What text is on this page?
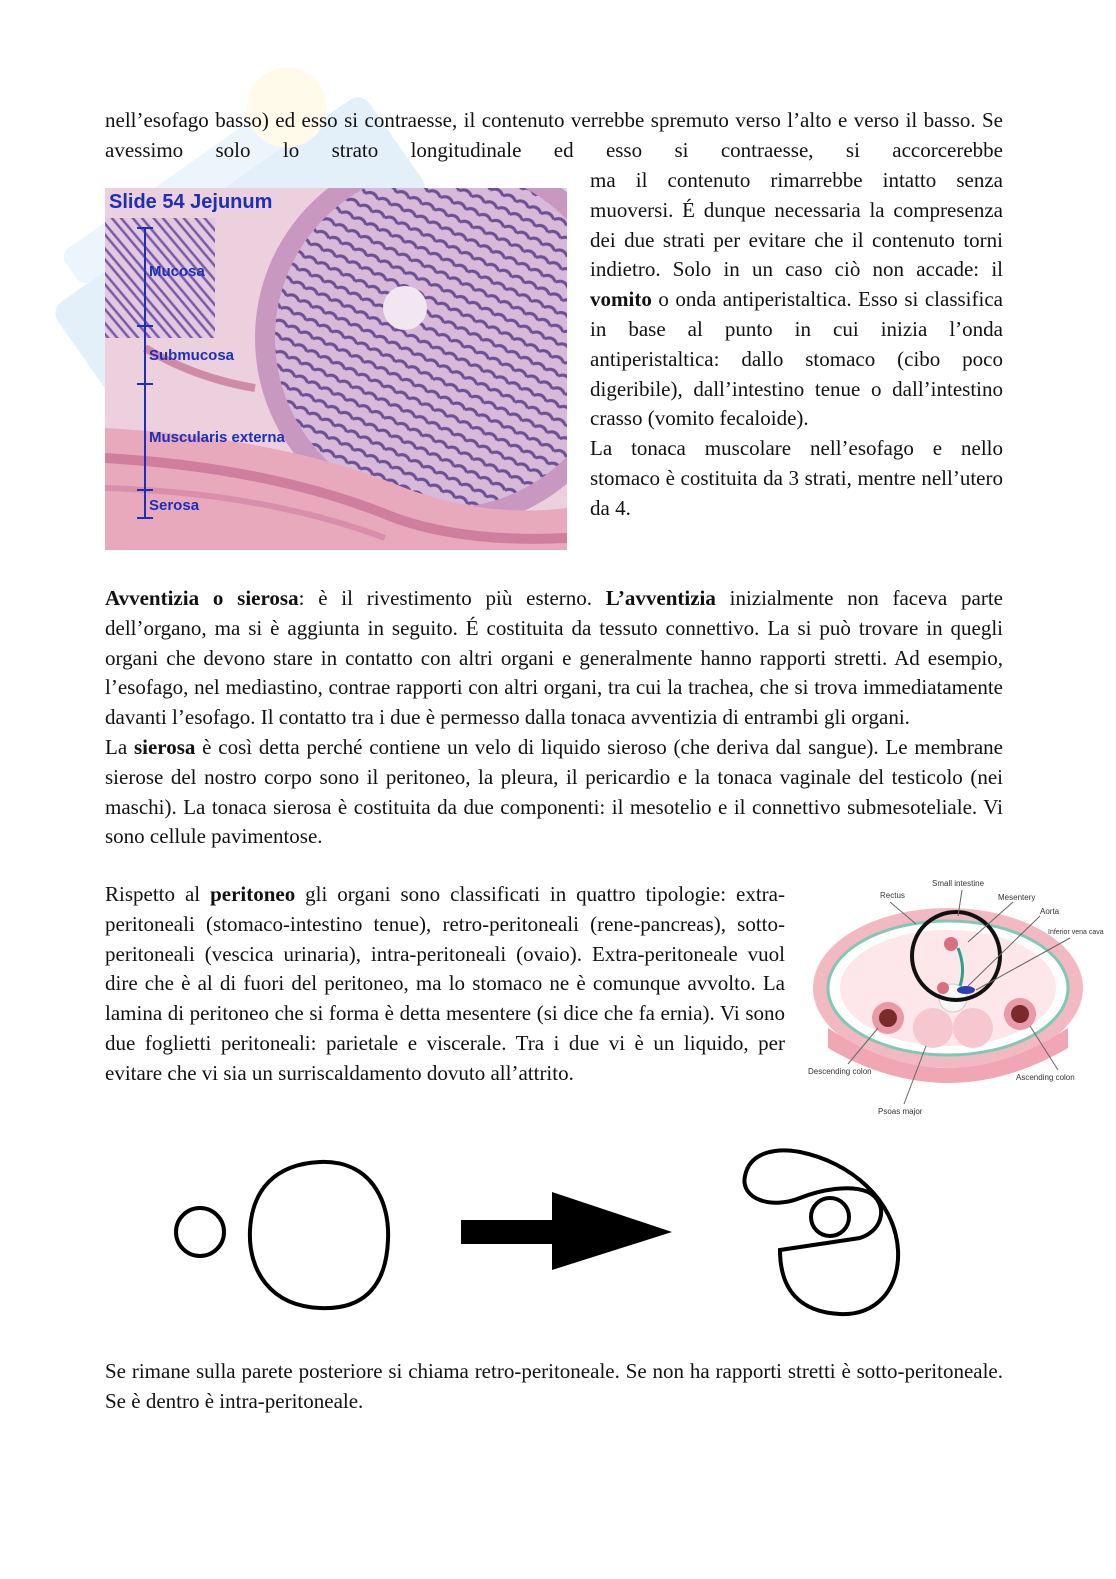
nell’esofago basso) ed esso si contraesse, il contenuto verrebbe spremuto verso l’alto e verso il basso. Se avessimo solo lo strato longitudinale ed esso si contraesse, si accorcerebbe

Slide 54 Jejunum
Mucosa
Submucosa
Muscularis externa
Serosa
ma il contenuto rimarrebbe intatto senza muoversi. É dunque necessaria la compresenza dei due strati per evitare che il contenuto torni indietro. Solo in un caso ciò non accade: il vomito o onda antiperistaltica. Esso si classifica in base al punto in cui inizia l’onda antiperistaltica: dallo stomaco (cibo poco digeribile), dall’intestino tenue o dall’intestino crasso (vomito fecaloide).
La tonaca muscolare nell’esofago e nello stomaco è costituita da 3 strati, mentre nell’utero da 4.
Avventizia o sierosa: è il rivestimento più esterno. L’avventizia inizialmente non faceva parte dell’organo, ma si è aggiunta in seguito. É costituita da tessuto connettivo. La si può trovare in quegli organi che devono stare in contatto con altri organi e generalmente hanno rapporti stretti. Ad esempio, l’esofago, nel mediastino, contrae rapporti con altri organi, tra cui la trachea, che si trova immediatamente davanti l’esofago. Il contatto tra i due è permesso dalla tonaca avventizia di entrambi gli organi.
La sierosa è così detta perché contiene un velo di liquido sieroso (che deriva dal sangue). Le membrane sierose del nostro corpo sono il peritoneo, la pleura, il pericardio e la tonaca vaginale del testicolo (nei maschi). La tonaca sierosa è costituita da due componenti: il mesotelio e il connettivo submesoteliale. Vi sono cellule pavimentose.
Rispetto al peritoneo gli organi sono classificati in quattro tipologie: extra-peritoneali (stomaco-intestino tenue), retro-peritoneali (rene-pancreas), sotto-peritoneali (vescica urinaria), intra-peritoneali (ovaio). Extra-peritoneale vuol dire che è al di fuori del peritoneo, ma lo stomaco ne è comunque avvolto. La lamina di peritoneo che si forma è detta mesentere (si dice che fa ernia). Vi sono due foglietti peritoneali: parietale e viscerale. Tra i due vi è un liquido, per evitare che vi sia un surriscaldamento dovuto all’attrito.
Rectus
Small intestine
Mesentery
Aorta
Inferior vena cava
Descending colon
Ascending colon
Psoas major

Se rimane sulla parete posteriore si chiama retro-peritoneale. Se non ha rapporti stretti è sotto-peritoneale. Se è dentro è intra-peritoneale.
